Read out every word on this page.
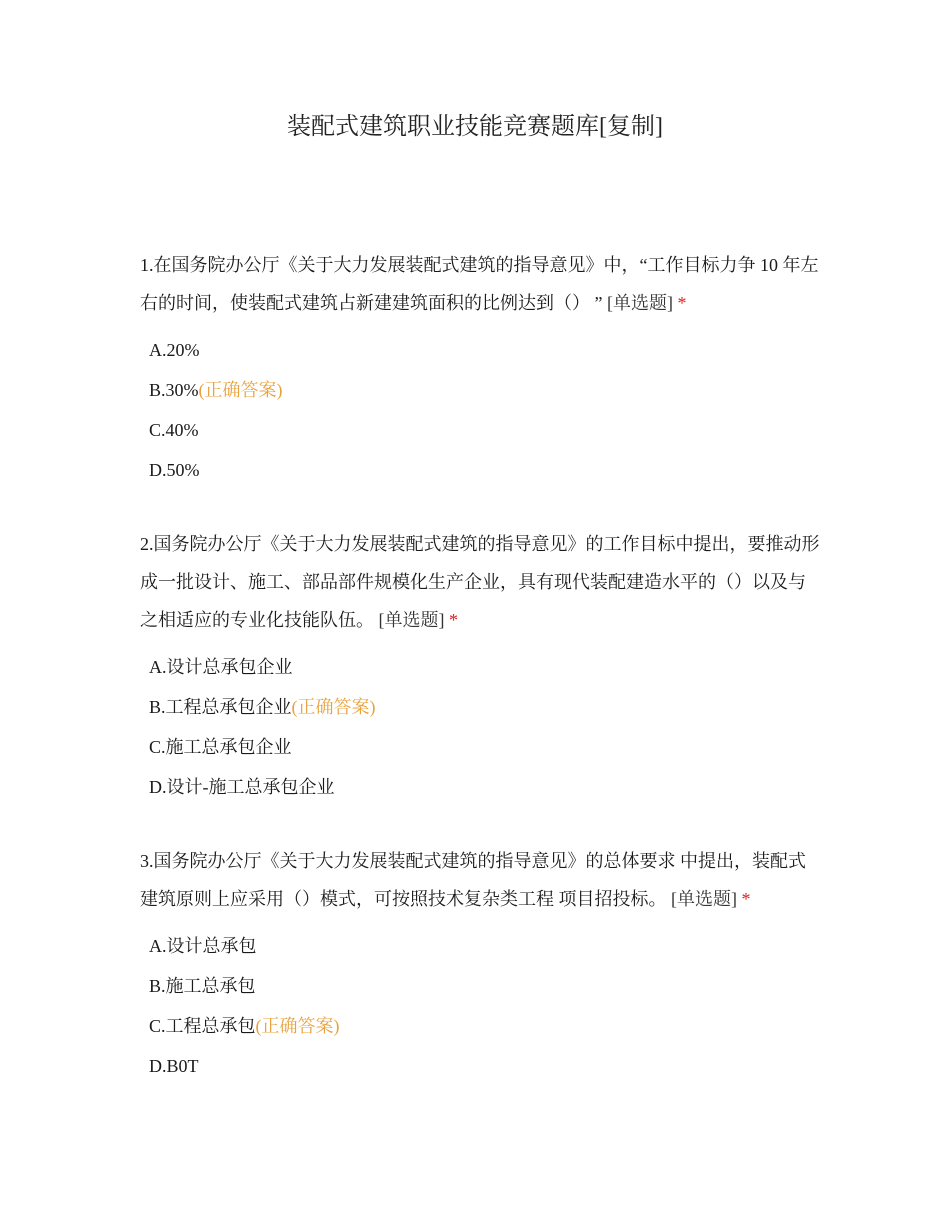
装配式建筑职业技能竞赛题库[复制]

1.在国务院办公厅《关于大力发展装配式建筑的指导意见》中，“工作目标力争 10 年左右的时间，使装配式建筑占新建建筑面积的比例达到（） ” [单选题] *

A.20%
B.30%(正确答案)
C.40%
D.50%

2.国务院办公厅《关于大力发展装配式建筑的指导意见》的工作目标中提出，要推动形成一批设计、施工、部品部件规模化生产企业，具有现代装配建造水平的（）以及与之相适应的专业化技能队伍。 [单选题] *

A.设计总承包企业
B.工程总承包企业(正确答案)
C.施工总承包企业
D.设计-施工总承包企业

3.国务院办公厅《关于大力发展装配式建筑的指导意见》的总体要求 中提出，装配式建筑原则上应采用（）模式，可按照技术复杂类工程 项目招投标。 [单选题] *

A.设计总承包
B.施工总承包
C.工程总承包(正确答案)
D.B0T
